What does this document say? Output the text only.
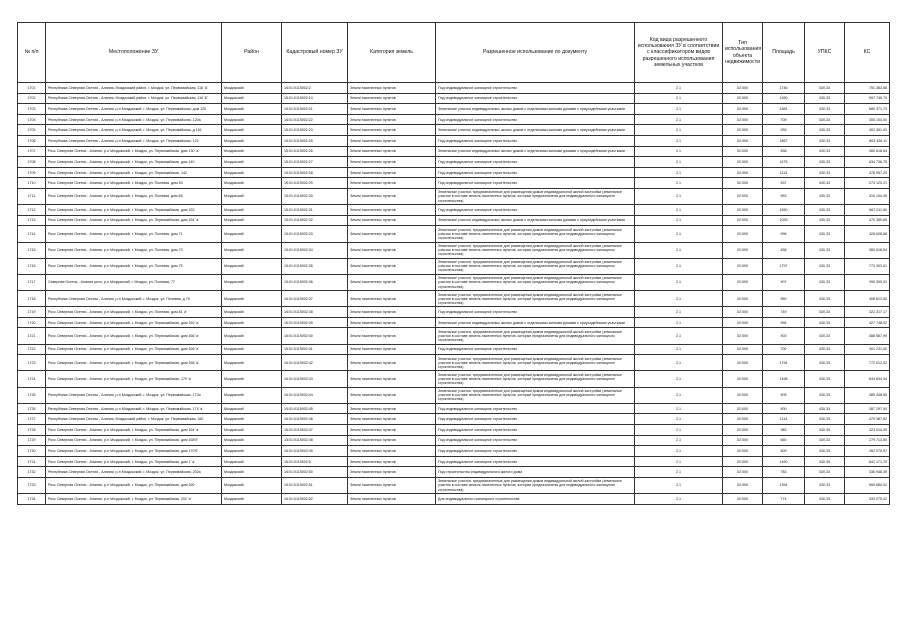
№ п/п	Местоположение ЗУ	Район	Кадастровый номер ЗУ	Категория земель	Разрешенное использование по документу	Код вида разрешенного использования ЗУ в соответствии с классификатором видов разрешенного использования земельных участков	Тип использования объекта недвижимости	Площадь	УПКС	КС
1701	Республика Северная Осетия - Алания, Моздокский район, г. Моздок, ул. Первомайская, 116 'А'	Моздокский	15:01:0119002:2	Земли населенных пунктов	Под индивидуальное жилищное строительство	2.1	02:000	1746	430,33	751 363,68
1702	Республика Северная Осетия - Алания, Моздокский район, г. Моздок, ул. Первомайская, 116 'Б'	Моздокский	15:01:0119002:10	Земли населенных пунктов	Под индивидуальное жилищное строительство	2.1	02:000	1390	430,33	597 745,70
1703	Республика Северная Осетия - Алания, р-н Моздокский, г. Моздок, ул. Первомайская, дом 120	Моздокский	15:01:0119002:21	Земли населенных пунктов	Земельные участки индивидуальных жилых домов с отдельными жилыми домами с приусадебными участками	2.1	02:000	1581	430,33	680 371,73
1704	Республика Северная Осетия - Алания, р-н Моздокский, г. Моздок, ул. Первомайская, 120а	Моздокский	15:01:0119002:22	Земли населенных пунктов	Под индивидуальное жилищное строительство	2.1	02:000	709	430,33	305 104,00
1705	Республика Северная Осетия - Алания, р-н Моздокский, г. Моздок, ул. Первомайская, д 116	Моздокский	15:01:0119002:23	Земли населенных пунктов	Земельные участки индивидуальных жилых домов с отдельными жилыми домами с приусадебными участками	2.1	02:000	935	430,33	402 351,93
1706	Республика Северная Осетия - Алания, р-н Моздокский, г. Моздок, ул. Первомайская, 122	Моздокский	15:01:0119002:25	Земли населенных пунктов	Под индивидуальное жилищное строительство	2.1	02:000	1867	430,33	803 426,11
1707	Росс Северная Осетия - Алания, р-н Моздокский, г. Моздок, ул. Первомайская, дом 130 'а'	Моздокский	15:01:0119002:26	Земли населенных пунктов	Земельные участки индивидуальных жилых домов с отдельными жилыми домами с приусадебными участками	2.1	02:000	838	430,33	360 616,54
1708	Росс Северная Осетия - Алания, р-н Моздокский, г. Моздок, ул. Первомайская, дом 140	Моздокский	15:01:0119002:27	Земли населенных пунктов	Под индивидуальное жилищное строительство	2.1	02:000	1475	430,33	634 736,75
1709	Росс Северная Осетия - Алания, р-н Моздокский, г. Моздок, ул. Первомайская, 142	Моздокский	15:01:0119002:28	Земли населенных пунктов	Под индивидуальное жилищное строительство	2.1	02:000	1113	430,33	478 957,29
1710	Росс Северная Осетия - Алания, р-н Моздокский, г. Моздок, ул. Полевая, дом 63	Моздокский	15:01:0119002:29	Земли населенных пунктов	Под индивидуальное жилищное строительство	2.1	02:000	637	430,33	274 120,21
1711	Росс Северная Осетия - Алания, р-н Моздокский, г. Моздок, ул. Полевая, дом 65	Моздокский	15:01:0119002:30	Земли населенных пунктов	Земельные участки, предназначенные для размещения домов индивидуальной жилой застройки (земельные участки в составе земель населенных пунктов, которые предназначены для индивидуального жилищного строительства)	2.1	02:000	953	430,33	410 104,49
1712	Росс Северная Осетия - Алания, р-н Моздокский, г. Моздок, ул. Первомайская, дом 152	Моздокский	15:01:0119002:31	Земли населенных пунктов	Под индивидуальное жилищное строительство	2.1	02:000	1550	430,33	667 011,50
1713	Росс Северная Осетия - Алания, р-н Моздокский, г. Моздок, ул. Первомайская, дом 154 'а'	Моздокский	15:01:0119002:32	Земли населенных пунктов	Земельные участки индивидуальных жилых домов с отдельными жилыми домами с приусадебными участками	2.1	02:000	1093	430,33	470 350,69
1714	Росс Северная Осетия - Алания, р-н Моздокский, г. Моздок, ул. Полевая, дом 71	Моздокский	15:01:0119002:33	Земли населенных пунктов	Земельные участки, предназначенные для размещения домов индивидуальной жилой застройки (земельные участки в составе земель населенных пунктов, которые предназначены для индивидуального жилищного строительства)	2.1	02:000	996	430,33	428 608,68
1715	Росс Северная Осетия - Алания, р-н Моздокский, г. Моздок, ул. Полевая, дом 73	Моздокский	15:01:0119002:34	Земли населенных пунктов	Земельные участки, предназначенные для размещения домов индивидуальной жилой застройки (земельные участки в составе земель населенных пунктов, которые предназначены для индивидуального жилищного строительства)	2.1	02:000	838	430,33	360 616,54
1716	Росс Северная Осетия - Алания, р-н Моздокский, г. Моздок, ул. Полевая, дом 75	Моздокский	15:01:0119002:35	Земли населенных пунктов	Земельные участки, предназначенные для размещения домов индивидуальной жилой застройки (земельные участки в составе земель населенных пунктов, которые предназначены для индивидуального жилищного строительства)	2.1	02:000	1797	430,33	773 303,01
1717	Северная Осетия - Алания респ, р-н Моздокский, г. Моздок, ул. Полевая, 77	Моздокский	15:01:0119002:36	Земли населенных пунктов	Земельные участки, предназначенные для размещения домов индивидуальной жилой застройки (земельные участки в составе земель населенных пунктов, которые предназначены для индивидуального жилищного строительства)	2.1	02:000	907	430,33	390 309,31
1718	Республика Северная Осетия - Алания, р-н Моздокский, г. Моздок, ул. Полевая, д 79	Моздокский	15:01:0119002:37	Земли населенных пунктов	Земельные участки, предназначенные для размещения домов индивидуальной жилой застройки (земельные участки в составе земель населенных пунктов, которые предназначены для индивидуального жилищного строительства)	2.1	02:000	950	430,33	408 813,50
1719	Росс Северная Осетия - Алания, р-н Моздокский, г. Моздок, ул. Полевая, дом 81 'а'	Моздокский	15:01:0119002:38	Земли населенных пунктов	Под индивидуальное жилищное строительство	2.1	02:000	749	430,33	322 317,17
1720	Росс Северная Осетия - Алания, р-н Моздокский, г. Моздок, ул. Первомайская, дом 162 'а'	Моздокский	15:01:0119002:39	Земли населенных пунктов	Земельные участки индивидуальных жилых домов с отдельными жилыми домами с приусадебными участками	2.1	02:000	994	430,33	427 748,02
1721	Росс Северная Осетия - Алания, р-н Моздокский, г. Моздок, ул. Первомайская, дом 166 'а'	Моздокский	15:01:0119002:40	Земли населенных пунктов	Земельные участки, предназначенные для размещения домов индивидуальной жилой застройки (земельные участки в составе земель населенных пунктов, которые предназначены для индивидуального жилищного строительства)	2.1	02:000	903	430,33	388 587,99
1722	Росс Северная Осетия - Алания, р-н Моздокский, г. Моздок, ул. Первомайская, дом 166 'а'	Моздокский	15:01:0119002:41	Земли населенных пунктов	Под индивидуальное жилищное строительство	2.1	02:000	700	430,33	301 231,00
1723	Росс Северная Осетия - Алания, р-н Моздокский, г. Моздок, ул. Первомайская, дом 168 'а'	Моздокский	15:01:0119002:42	Земли населенных пунктов	Земельные участки, предназначенные для размещения домов индивидуальной жилой застройки (земельные участки в составе земель населенных пунктов, которые предназначены для индивидуального жилищного строительства)	2.1	02:000	1794	430,33	772 012,02
1724	Росс Северная Осетия - Алания, р-н Моздокский, г. Моздок, ул. Первомайская, 170 'а'	Моздокский	15:01:0119002:43	Земли населенных пунктов	Земельные участки, предназначенные для размещения домов индивидуальной жилой застройки (земельные участки в составе земель населенных пунктов, которые предназначены для индивидуального жилищного строительства)	2.1	02:000	1498	430,33	644 634,34
1725	Республика Северная Осетия - Алания, р-н Моздокский, г. Моздок, ул. Первомайская, 172а	Моздокский	15:01:0119002:44	Земли населенных пунктов	Земельные участки, предназначенные для размещения домов индивидуальной жилой застройки (земельные участки в составе земель населенных пунктов, которые предназначены для индивидуального жилищного строительства)	2.1	02:000	905	430,33	389 448,65
1726	Республика Северная Осетия - Алания, р-н Моздокский, г. Моздок, ул. Первомайская, 174 'а'	Моздокский	15:01:0119002:45	Земли населенных пунктов	Под индивидуальное жилищное строительство	2.1	02:000	900	430,33	387 297,00
1727	Республика Северная Осетия - Алания, Моздокский район, г. Моздок, ул. Первомайская, 160	Моздокский	15:01:0119002:46	Земли населенных пунктов	Под индивидуальное жилищное строительство	2.1	02:000	1114	430,33	479 387,62
1728	Росс Северная Осетия - Алания, р-н Моздокский, г. Моздок, ул. Первомайская, дом 164 'а'	Моздокский	15:01:0119002:47	Земли населенных пунктов	Под индивидуальное жилищное строительство	2.1	02:000	983	430,33	423 014,39
1729	Росс Северная Осетия - Алания, р-н Моздокский, г. Моздок, ул. Первомайская, дом 168'б'	Моздокский	15:01:0119002:48	Земли населенных пунктов	Под индивидуальное жилищное строительство	2.1	02:000	650	430,33	279 714,50
1730	Росс Северная Осетия - Алания, р-н Моздокский, г. Моздок, ул. Первомайская, дом 170'б'	Моздокский	15:01:0119002:49	Земли населенных пунктов	Под индивидуальное жилищное строительство	2.1	02:000	609	430,33	262 070,97
1731	Росс Северная Осетия - Алания, р-н Моздокский, г. Моздок, ул. Первомайская, дом 1 'а'	Моздокский	15:01:0119002:5	Земли населенных пунктов	Под индивидуальное жилищное строительство	2.1	02:000	1490	430,33	641 171,70
1732	Республика Северная Осетия - Алания, р-н Моздокский, г. Моздок, ул. Первомайская, 202а	Моздокский	15:01:0119002:50	Земли населенных пунктов	Под строительство индивидуального жилого дома	2.1	02:000	783	430,33	336 948,39
1733	Росс Северная Осетия - Алания, р-н Моздокский, г. Моздок, ул. Первомайская, дом 160	Моздокский	15:01:0119002:51	Земли населенных пунктов	Земельные участки, предназначенные для размещения домов индивидуальной жилой застройки (земельные участки в составе земель населенных пунктов, которые предназначены для индивидуального жилищного строительства)	2.1	02:000	1394	430,33	599 880,02
1734	Росс Северная Осетия - Алания, р-н Моздокский, г. Моздок, ул. Первомайская, 202 'а'	Моздокский	15:01:0119002:52	Земли населенных пунктов	Для индивидуального жилищного строительства	2.1	02:000	774	430,33	333 075,42
